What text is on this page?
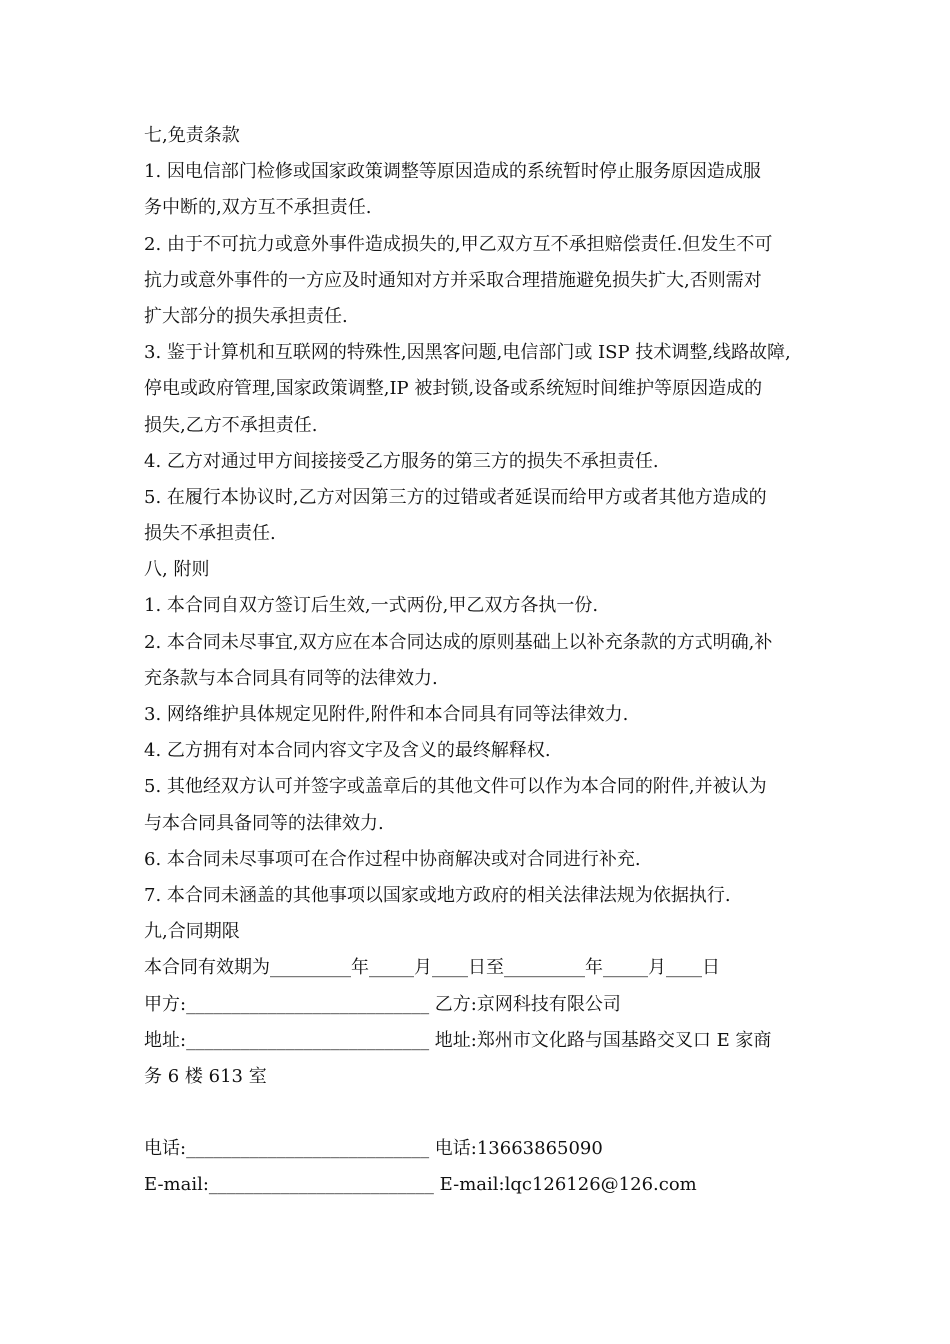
七,免责条款
1. 因电信部门检修或国家政策调整等原因造成的系统暂时停止服务原因造成服
务中断的,双方互不承担责任.
2. 由于不可抗力或意外事件造成损失的,甲乙双方互不承担赔偿责任.但发生不可
抗力或意外事件的一方应及时通知对方并采取合理措施避免损失扩大,否则需对
扩大部分的损失承担责任.
3. 鉴于计算机和互联网的特殊性,因黑客问题,电信部门或 ISP 技术调整,线路故障,
停电或政府管理,国家政策调整,IP 被封锁,设备或系统短时间维护等原因造成的
损失,乙方不承担责任.
4. 乙方对通过甲方间接接受乙方服务的第三方的损失不承担责任.
5. 在履行本协议时,乙方对因第三方的过错或者延误而给甲方或者其他方造成的
损失不承担责任.
八, 附则
1. 本合同自双方签订后生效,一式两份,甲乙双方各执一份.
2. 本合同未尽事宜,双方应在本合同达成的原则基础上以补充条款的方式明确,补
充条款与本合同具有同等的法律效力.
3. 网络维护具体规定见附件,附件和本合同具有同等法律效力.
4. 乙方拥有对本合同内容文字及含义的最终解释权.
5. 其他经双方认可并签字或盖章后的其他文件可以作为本合同的附件,并被认为
与本合同具备同等的法律效力.
6. 本合同未尽事项可在合作过程中协商解决或对合同进行补充.
7. 本合同未涵盖的其他事项以国家或地方政府的相关法律法规为依据执行.
九,合同期限
本合同有效期为_________年_____月____日至_________年_____月____日
甲方:___________________________ 乙方:京网科技有限公司
地址:___________________________ 地址:郑州市文化路与国基路交叉口 E 家商
务 6 楼 613 室
电话:___________________________ 电话:13663865090
E-mail:_________________________ E-mail:lqc126126@126.com
